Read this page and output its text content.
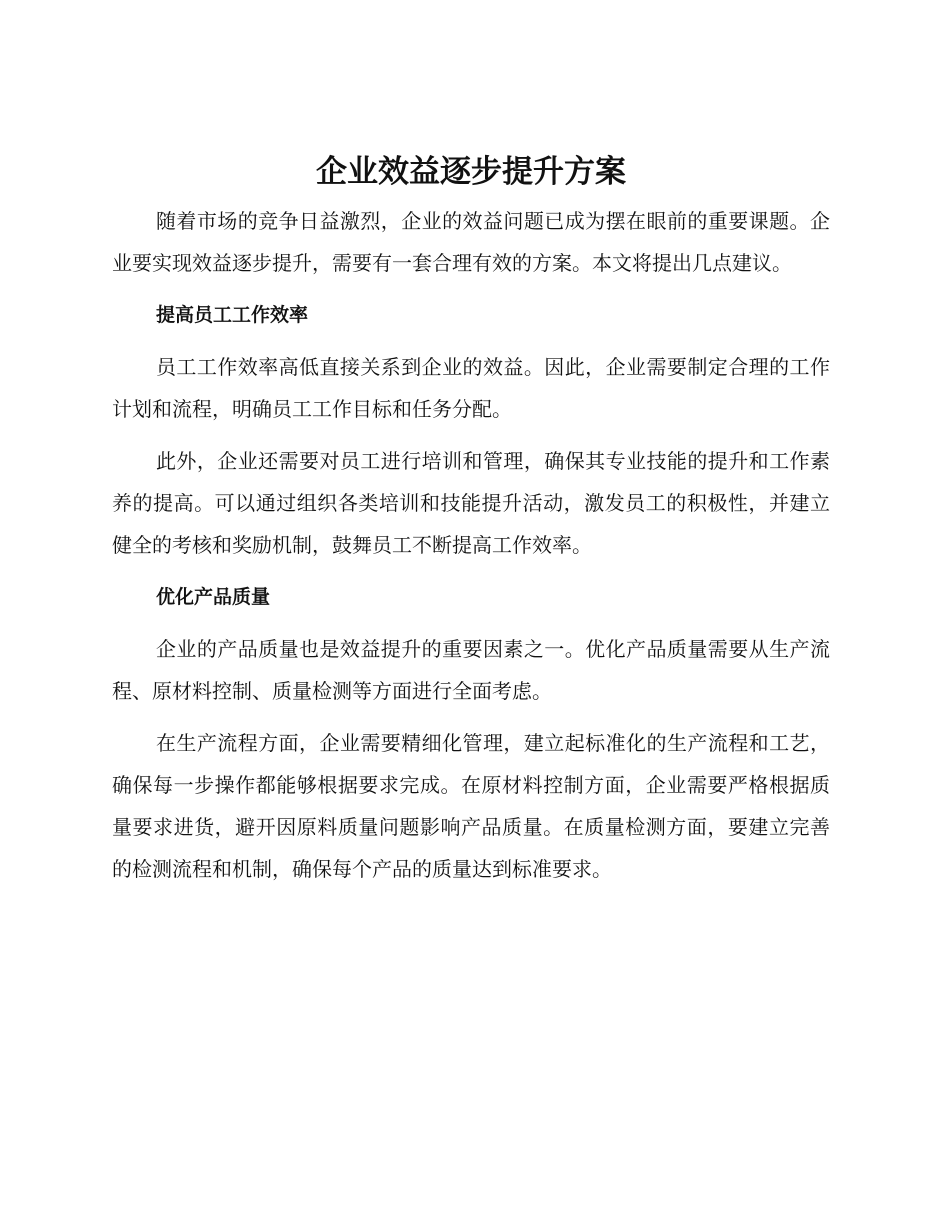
企业效益逐步提升方案

随着市场的竞争日益激烈，企业的效益问题已成为摆在眼前的重要课题。企业要实现效益逐步提升，需要有一套合理有效的方案。本文将提出几点建议。

提高员工工作效率

员工工作效率高低直接关系到企业的效益。因此，企业需要制定合理的工作计划和流程，明确员工工作目标和任务分配。

此外，企业还需要对员工进行培训和管理，确保其专业技能的提升和工作素养的提高。可以通过组织各类培训和技能提升活动，激发员工的积极性，并建立健全的考核和奖励机制，鼓舞员工不断提高工作效率。

优化产品质量

企业的产品质量也是效益提升的重要因素之一。优化产品质量需要从生产流程、原材料控制、质量检测等方面进行全面考虑。

在生产流程方面，企业需要精细化管理，建立起标准化的生产流程和工艺，确保每一步操作都能够根据要求完成。在原材料控制方面，企业需要严格根据质量要求进货，避开因原料质量问题影响产品质量。在质量检测方面，要建立完善的检测流程和机制，确保每个产品的质量达到标准要求。
